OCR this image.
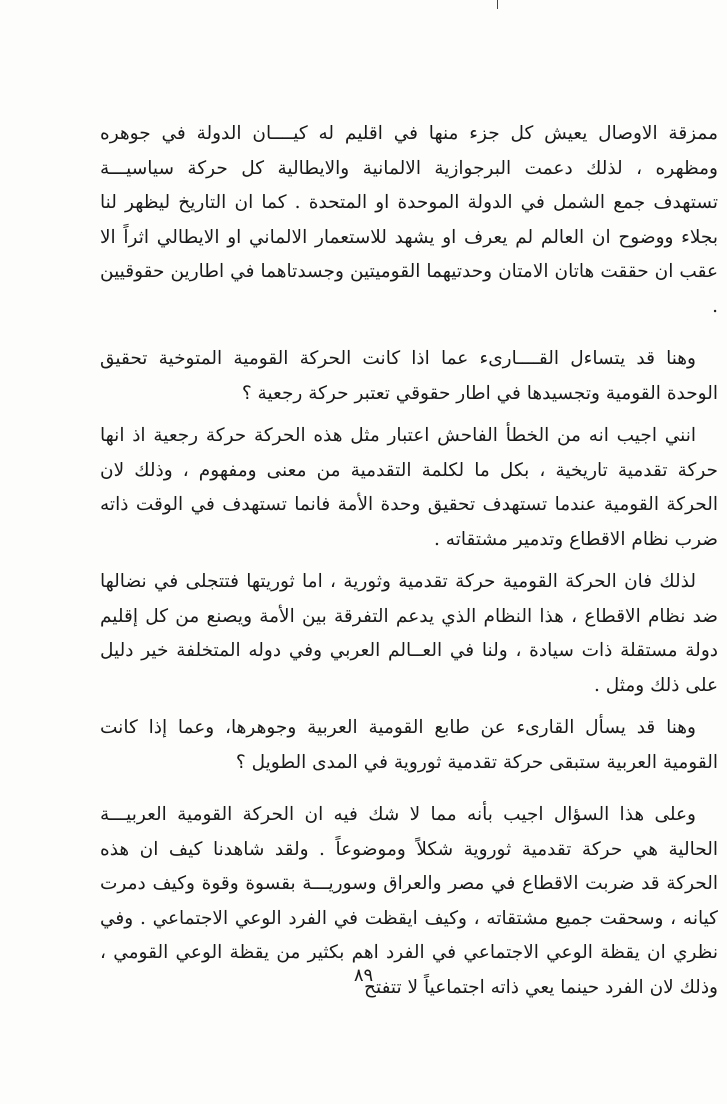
ممزقة الاوصال يعيش كل جزء منها في اقليم له كيــــان الدولة في جوهره ومظهره ، لذلك دعمت البرجوازية الالمانية والايطالية كل حركة سياسيـــة تستهدف جمع الشمل في الدولة الموحدة او المتحدة . كما ان التاريخ ليظهر لنا بجلاء ووضوح ان العالم لم يعرف او يشهد للاستعمار الالماني او الايطالي اثراً الا عقب ان حققت هاتان الامتان وحدتيهما القوميتين وجسدتاهما في اطارين حقوقيين .

وهنا قد يتساءل القــــارىء عما اذا كانت الحركة القومية المتوخية تحقيق الوحدة القومية وتجسيدها في اطار حقوقي تعتبر حركة رجعية ؟

انني اجيب انه من الخطأ الفاحش اعتبار مثل هذه الحركة حركة رجعية اذ انها حركة تقدمية تاريخية ، بكل ما لكلمة التقدمية من معنى ومفهوم ، وذلك لان الحركة القومية عندما تستهدف تحقيق وحدة الأمة فانما تستهدف في الوقت ذاته ضرب نظام الاقطاع وتدمير مشتقاته .

لذلك فان الحركة القومية حركة تقدمية وثورية ، اما ثوريتها فتتجلى في نضالها ضد نظام الاقطاع ، هذا النظام الذي يدعم التفرقة بين الأمة ويصنع من كل إقليم دولة مستقلة ذات سيادة ، ولنا في العــالم العربي وفي دوله المتخلفة خير دليل على ذلك ومثل .

وهنا قد يسأل القارىء عن طابع القومية العربية وجوهرها، وعما إذا كانت القومية العربية ستبقى حركة تقدمية ثوروية في المدى الطويل ؟

وعلى هذا السؤال اجيب بأنه مما لا شك فيه ان الحركة القومية العربيـــة الحالية هي حركة تقدمية ثوروية شكلاً وموضوعاً . ولقد شاهدنا كيف ان هذه الحركة قد ضربت الاقطاع في مصر والعراق وسوريـــة بقسوة وقوة وكيف دمرت كيانه ، وسحقت جميع مشتقاته ، وكيف ايقظت في الفرد الوعي الاجتماعي . وفي نظري ان يقظة الوعي الاجتماعي في الفرد اهم بكثير من يقظة الوعي القومي ، وذلك لان الفرد حينما يعي ذاته اجتماعياً لا تتفتح

٨٩
